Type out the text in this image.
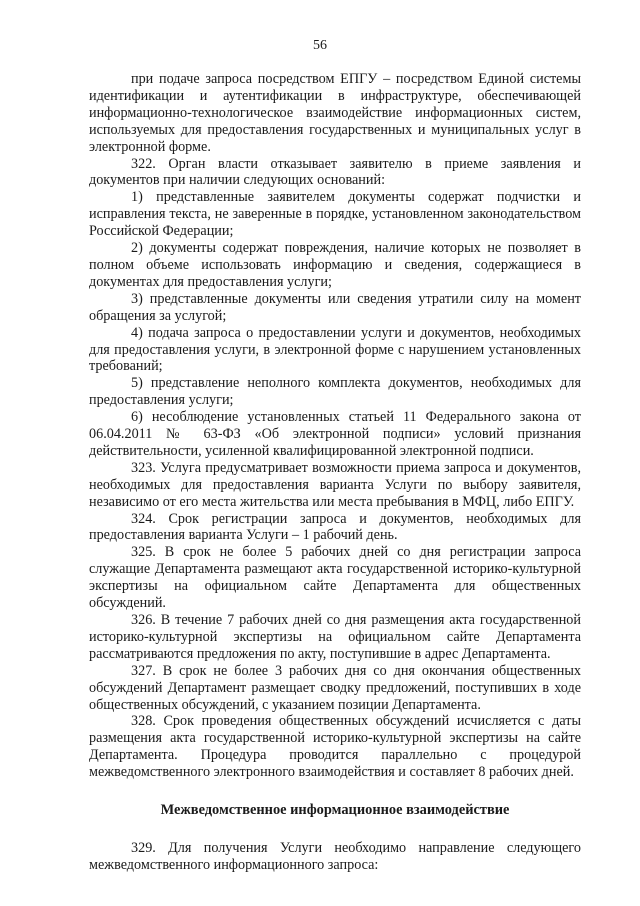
56

при подаче запроса посредством ЕПГУ – посредством Единой системы идентификации и аутентификации в инфраструктуре, обеспечивающей информационно-технологическое взаимодействие информационных систем, используемых для предоставления государственных и муниципальных услуг в электронной форме.

322. Орган власти отказывает заявителю в приеме заявления и документов при наличии следующих оснований:

1) представленные заявителем документы содержат подчистки и исправления текста, не заверенные в порядке, установленном законодательством Российской Федерации;

2) документы содержат повреждения, наличие которых не позволяет в полном объеме использовать информацию и сведения, содержащиеся в документах для предоставления услуги;

3) представленные документы или сведения утратили силу на момент обращения за услугой;

4) подача запроса о предоставлении услуги и документов, необходимых для предоставления услуги, в электронной форме с нарушением установленных требований;

5) представление неполного комплекта документов, необходимых для предоставления услуги;

6) несоблюдение установленных статьей 11 Федерального закона от 06.04.2011 № 63-ФЗ «Об электронной подписи» условий признания действительности, усиленной квалифицированной электронной подписи.

323. Услуга предусматривает возможности приема запроса и документов, необходимых для предоставления варианта Услуги по выбору заявителя, независимо от его места жительства или места пребывания в МФЦ, либо ЕПГУ.

324. Срок регистрации запроса и документов, необходимых для предоставления варианта Услуги – 1 рабочий день.

325. В срок не более 5 рабочих дней со дня регистрации запроса служащие Департамента размещают акта государственной историко-культурной экспертизы на официальном сайте Департамента для общественных обсуждений.

326. В течение 7 рабочих дней со дня размещения акта государственной историко-культурной экспертизы на официальном сайте Департамента рассматриваются предложения по акту, поступившие в адрес Департамента.

327. В срок не более 3 рабочих дня со дня окончания общественных обсуждений Департамент размещает сводку предложений, поступивших в ходе общественных обсуждений, с указанием позиции Департамента.

328. Срок проведения общественных обсуждений исчисляется с даты размещения акта государственной историко-культурной экспертизы на сайте Департамента. Процедура проводится параллельно с процедурой межведомственного электронного взаимодействия и составляет 8 рабочих дней.

Межведомственное информационное взаимодействие

329. Для получения Услуги необходимо направление следующего межведомственного информационного запроса:
